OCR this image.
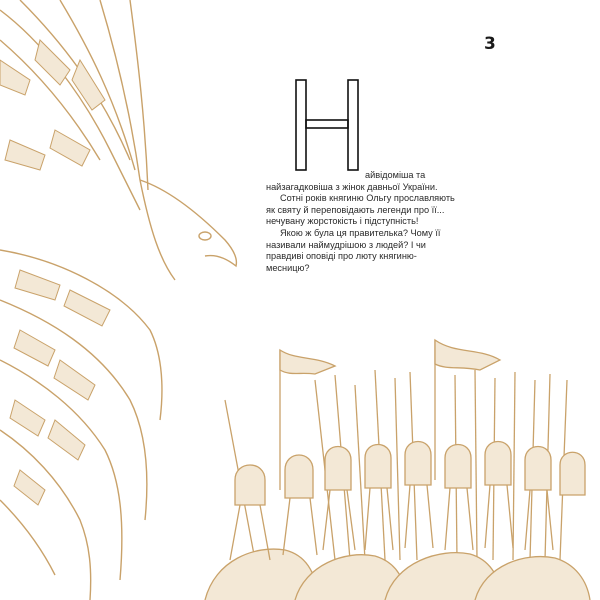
3
айвідоміша та

найзагадковіша з жінок давньої України.

Сотні років княгиню Ольгу прославляють як святу й переповідають легенди про її... нечувану жорстокість і підступність!

Якою ж була ця правителька? Чому її називали наймудрішою з людей? І чи правдиві оповіді про люту княгиню-месницю?
